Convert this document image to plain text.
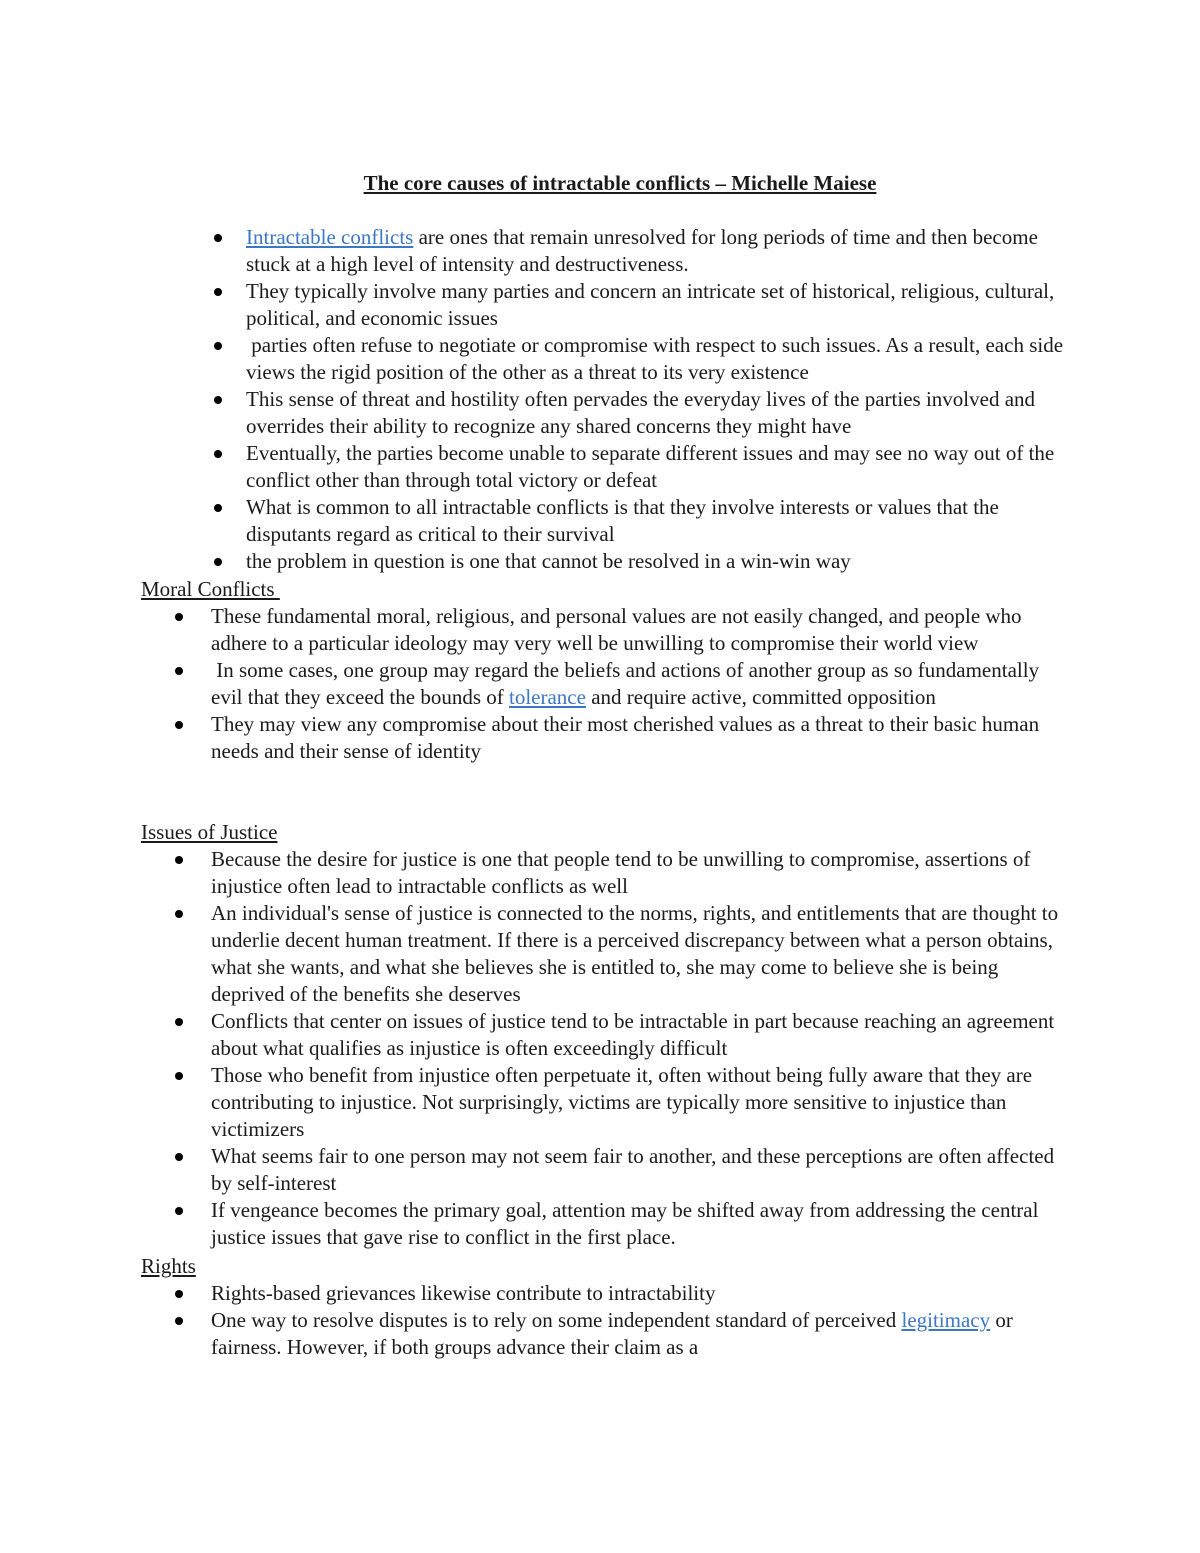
The core causes of intractable conflicts – Michelle Maiese
Intractable conflicts are ones that remain unresolved for long periods of time and then become stuck at a high level of intensity and destructiveness.
They typically involve many parties and concern an intricate set of historical, religious, cultural, political, and economic issues
parties often refuse to negotiate or compromise with respect to such issues. As a result, each side views the rigid position of the other as a threat to its very existence
This sense of threat and hostility often pervades the everyday lives of the parties involved and overrides their ability to recognize any shared concerns they might have
Eventually, the parties become unable to separate different issues and may see no way out of the conflict other than through total victory or defeat
What is common to all intractable conflicts is that they involve interests or values that the disputants regard as critical to their survival
the problem in question is one that cannot be resolved in a win-win way
Moral Conflicts
These fundamental moral, religious, and personal values are not easily changed, and people who adhere to a particular ideology may very well be unwilling to compromise their world view
In some cases, one group may regard the beliefs and actions of another group as so fundamentally evil that they exceed the bounds of tolerance and require active, committed opposition
They may view any compromise about their most cherished values as a threat to their basic human needs and their sense of identity
Issues of Justice
Because the desire for justice is one that people tend to be unwilling to compromise, assertions of injustice often lead to intractable conflicts as well
An individual's sense of justice is connected to the norms, rights, and entitlements that are thought to underlie decent human treatment. If there is a perceived discrepancy between what a person obtains, what she wants, and what she believes she is entitled to, she may come to believe she is being deprived of the benefits she deserves
Conflicts that center on issues of justice tend to be intractable in part because reaching an agreement about what qualifies as injustice is often exceedingly difficult
Those who benefit from injustice often perpetuate it, often without being fully aware that they are contributing to injustice. Not surprisingly, victims are typically more sensitive to injustice than victimizers
What seems fair to one person may not seem fair to another, and these perceptions are often affected by self-interest
If vengeance becomes the primary goal, attention may be shifted away from addressing the central justice issues that gave rise to conflict in the first place.
Rights
Rights-based grievances likewise contribute to intractability
One way to resolve disputes is to rely on some independent standard of perceived legitimacy or fairness. However, if both groups advance their claim as a
